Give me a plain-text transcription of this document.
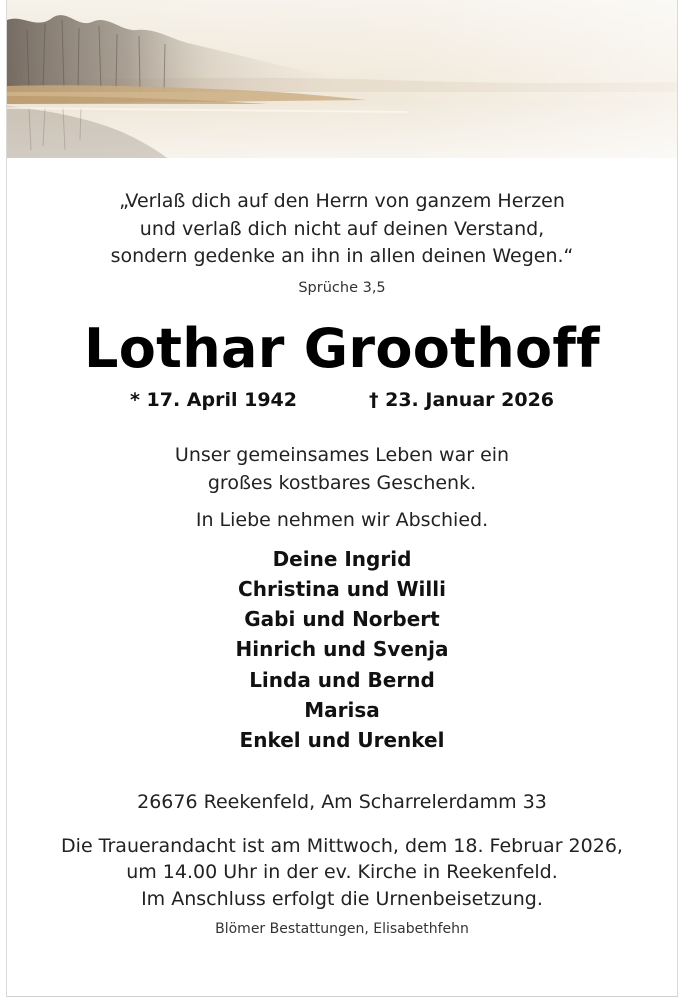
„Verlaß dich auf den Herrn von ganzem Herzen
und verlaß dich nicht auf deinen Verstand,
sondern gedenke an ihn in allen deinen Wegen.“
Sprüche 3,5
Lothar Groothoff
* 17. April 1942	† 23. Januar 2026
Unser gemeinsames Leben war ein
großes kostbares Geschenk.
In Liebe nehmen wir Abschied.
Deine Ingrid
Christina und Willi
Gabi und Norbert
Hinrich und Svenja
Linda und Bernd
Marisa
Enkel und Urenkel
26676 Reekenfeld, Am Scharrelerdamm 33
Die Trauerandacht ist am Mittwoch, dem 18. Februar 2026,
um 14.00 Uhr in der ev. Kirche in Reekenfeld.
Im Anschluss erfolgt die Urnenbeisetzung.
Blömer Bestattungen, Elisabethfehn
